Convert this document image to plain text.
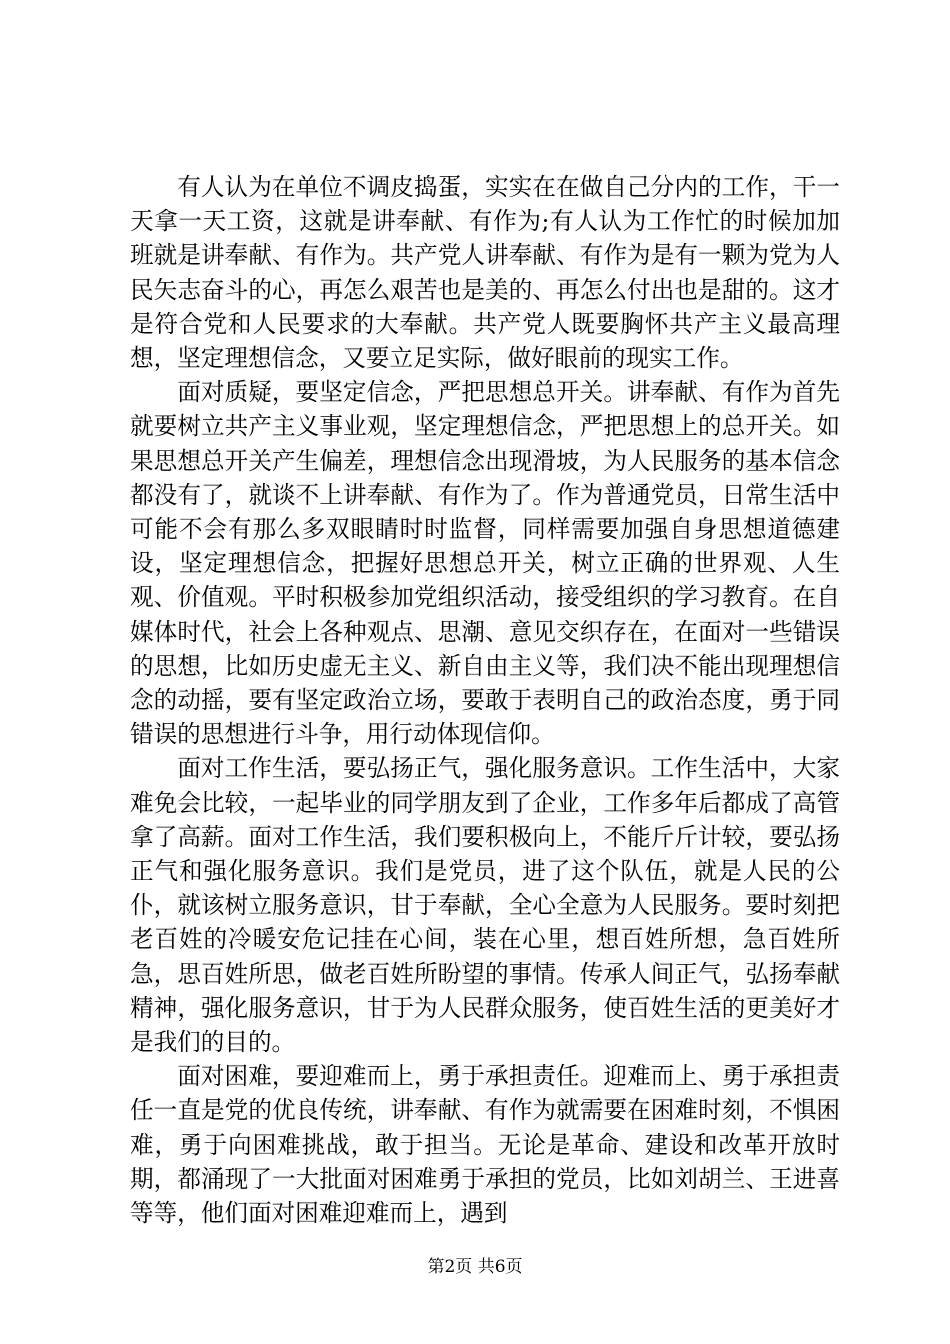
有人认为在单位不调皮捣蛋，实实在在做自己分内的工作，干一天拿一天工资，这就是讲奉献、有作为;有人认为工作忙的时候加加班就是讲奉献、有作为。共产党人讲奉献、有作为是有一颗为党为人民矢志奋斗的心，再怎么艰苦也是美的、再怎么付出也是甜的。这才是符合党和人民要求的大奉献。共产党人既要胸怀共产主义最高理想，坚定理想信念，又要立足实际，做好眼前的现实工作。

面对质疑，要坚定信念，严把思想总开关。讲奉献、有作为首先就要树立共产主义事业观，坚定理想信念，严把思想上的总开关。如果思想总开关产生偏差，理想信念出现滑坡，为人民服务的基本信念都没有了，就谈不上讲奉献、有作为了。作为普通党员，日常生活中可能不会有那么多双眼睛时时监督，同样需要加强自身思想道德建设，坚定理想信念，把握好思想总开关，树立正确的世界观、人生观、价值观。平时积极参加党组织活动，接受组织的学习教育。在自媒体时代，社会上各种观点、思潮、意见交织存在，在面对一些错误的思想，比如历史虚无主义、新自由主义等，我们决不能出现理想信念的动摇，要有坚定政治立场，要敢于表明自己的政治态度，勇于同错误的思想进行斗争，用行动体现信仰。

面对工作生活，要弘扬正气，强化服务意识。工作生活中，大家难免会比较，一起毕业的同学朋友到了企业，工作多年后都成了高管拿了高薪。面对工作生活，我们要积极向上，不能斤斤计较，要弘扬正气和强化服务意识。我们是党员，进了这个队伍，就是人民的公仆，就该树立服务意识，甘于奉献，全心全意为人民服务。要时刻把老百姓的冷暖安危记挂在心间，装在心里，想百姓所想，急百姓所急，思百姓所思，做老百姓所盼望的事情。传承人间正气，弘扬奉献精神，强化服务意识，甘于为人民群众服务，使百姓生活的更美好才是我们的目的。

面对困难，要迎难而上，勇于承担责任。迎难而上、勇于承担责任一直是党的优良传统，讲奉献、有作为就需要在困难时刻，不惧困难，勇于向困难挑战，敢于担当。无论是革命、建设和改革开放时期，都涌现了一大批面对困难勇于承担的党员，比如刘胡兰、王进喜等等，他们面对困难迎难而上，遇到

第2页 共6页
